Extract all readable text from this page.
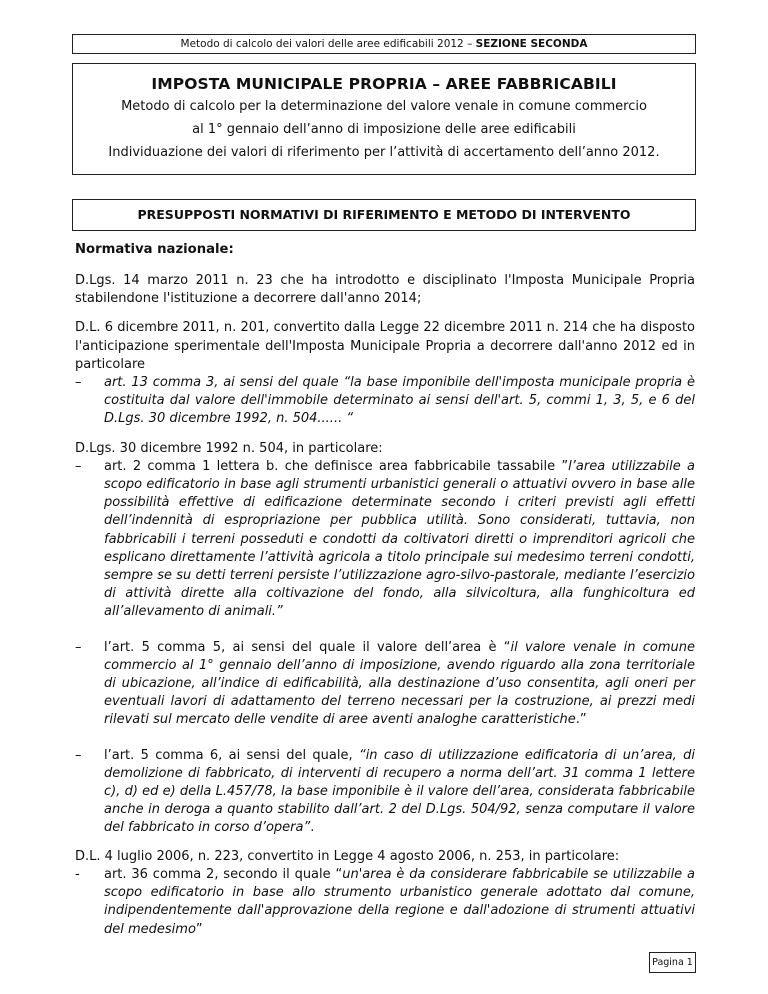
Metodo di calcolo dei valori delle aree edificabili 2012 – SEZIONE SECONDA
IMPOSTA MUNICIPALE PROPRIA – AREE FABBRICABILI
Metodo di calcolo per la determinazione del valore venale in comune commercio
al 1° gennaio dell’anno di imposizione delle aree edificabili
Individuazione dei valori di riferimento per l’attività di accertamento dell’anno 2012.
PRESUPPOSTI NORMATIVI DI RIFERIMENTO E METODO DI INTERVENTO

Normativa nazionale:

D.Lgs. 14 marzo 2011 n. 23 che ha introdotto e disciplinato l'Imposta Municipale Propria stabilendone l'istituzione a decorrere dall'anno 2014;

D.L. 6 dicembre 2011, n. 201, convertito dalla Legge 22 dicembre 2011 n. 214 che ha disposto l'anticipazione sperimentale dell'Imposta Municipale Propria a decorrere dall'anno 2012 ed in particolare

– art. 13 comma 3, ai sensi del quale “la base imponibile dell'imposta municipale propria è costituita dal valore dell'immobile determinato ai sensi dell'art. 5, commi 1, 3, 5, e 6 del D.Lgs. 30 dicembre 1992, n. 504...... “

D.Lgs. 30 dicembre 1992 n. 504, in particolare:

– art. 2 comma 1 lettera b. che definisce area fabbricabile tassabile ”l’area utilizzabile a scopo edificatorio in base agli strumenti urbanistici generali o attuativi ovvero in base alle possibilità effettive di edificazione determinate secondo i criteri previsti agli effetti dell’indennità di espropriazione per pubblica utilità. Sono considerati, tuttavia, non fabbricabili i terreni posseduti e condotti da coltivatori diretti o imprenditori agricoli che esplicano direttamente l’attività agricola a titolo principale sui medesimo terreni condotti, sempre se su detti terreni persiste l’utilizzazione agro-silvo-pastorale, mediante l’esercizio di attività dirette alla coltivazione del fondo, alla silvicoltura, alla funghicoltura ed all’allevamento di animali.”
– l’art. 5 comma 5, ai sensi del quale il valore dell’area è “il valore venale in comune commercio al 1° gennaio dell’anno di imposizione, avendo riguardo alla zona territoriale di ubicazione, all’indice di edificabilità, alla destinazione d’uso consentita, agli oneri per eventuali lavori di adattamento del terreno necessari per la costruzione, ai prezzi medi rilevati sul mercato delle vendite di aree aventi analoghe caratteristiche.”
– l’art. 5 comma 6, ai sensi del quale, “in caso di utilizzazione edificatoria di un’area, di demolizione di fabbricato, di interventi di recupero a norma dell’art. 31 comma 1 lettere c), d) ed e) della L.457/78, la base imponibile è il valore dell’area, considerata fabbricabile anche in deroga a quanto stabilito dall’art. 2 del D.Lgs. 504/92, senza computare il valore del fabbricato in corso d’opera”.

D.L. 4 luglio 2006, n. 223, convertito in Legge 4 agosto 2006, n. 253, in particolare:

- art. 36 comma 2, secondo il quale “un'area è da considerare fabbricabile se utilizzabile a scopo edificatorio in base allo strumento urbanistico generale adottato dal comune, indipendentemente dall'approvazione della regione e dall'adozione di strumenti attuativi del medesimo”
Pagina 1
